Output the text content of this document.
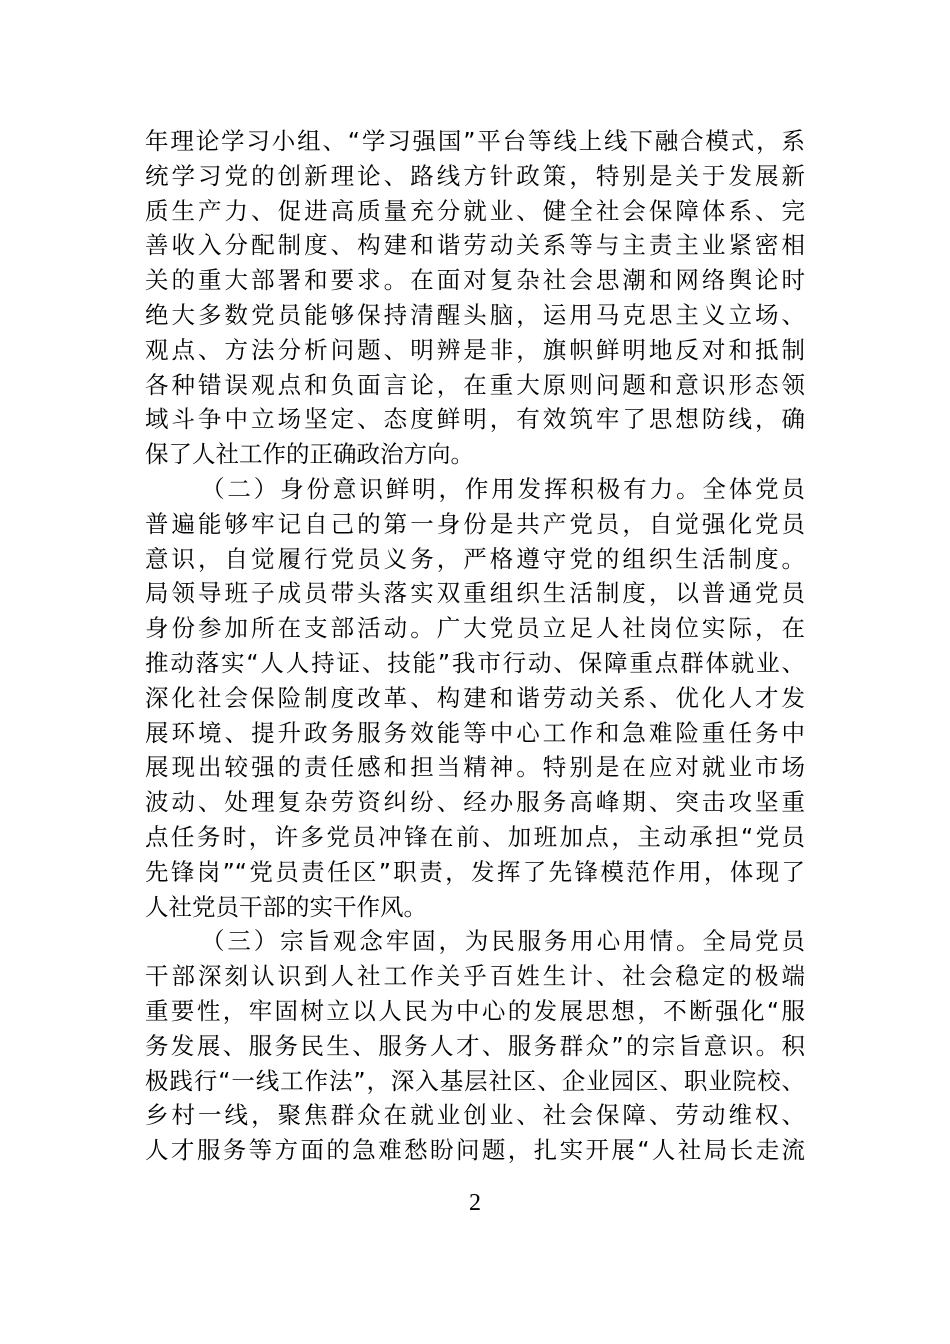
年理论学习小组、“学习强国”平台等线上线下融合模式，系
统学习党的创新理论、路线方针政策，特别是关于发展新
质生产力、促进高质量充分就业、健全社会保障体系、完
善收入分配制度、构建和谐劳动关系等与主责主业紧密相
关的重大部署和要求。在面对复杂社会思潮和网络舆论时
绝大多数党员能够保持清醒头脑，运用马克思主义立场、
观点、方法分析问题、明辨是非，旗帜鲜明地反对和抵制
各种错误观点和负面言论，在重大原则问题和意识形态领
域斗争中立场坚定、态度鲜明，有效筑牢了思想防线，确
保了人社工作的正确政治方向。
（二）身份意识鲜明，作用发挥积极有力。全体党员
普遍能够牢记自己的第一身份是共产党员，自觉强化党员
意识，自觉履行党员义务，严格遵守党的组织生活制度。
局领导班子成员带头落实双重组织生活制度，以普通党员
身份参加所在支部活动。广大党员立足人社岗位实际，在
推动落实“人人持证、技能”我市行动、保障重点群体就业、
深化社会保险制度改革、构建和谐劳动关系、优化人才发
展环境、提升政务服务效能等中心工作和急难险重任务中
展现出较强的责任感和担当精神。特别是在应对就业市场
波动、处理复杂劳资纠纷、经办服务高峰期、突击攻坚重
点任务时，许多党员冲锋在前、加班加点，主动承担“党员
先锋岗”“党员责任区”职责，发挥了先锋模范作用，体现了
人社党员干部的实干作风。
（三）宗旨观念牢固，为民服务用心用情。全局党员
干部深刻认识到人社工作关乎百姓生计、社会稳定的极端
重要性，牢固树立以人民为中心的发展思想，不断强化“服
务发展、服务民生、服务人才、服务群众”的宗旨意识。积
极践行“一线工作法”，深入基层社区、企业园区、职业院校、
乡村一线，聚焦群众在就业创业、社会保障、劳动维权、
人才服务等方面的急难愁盼问题，扎实开展“人社局长走流
2
